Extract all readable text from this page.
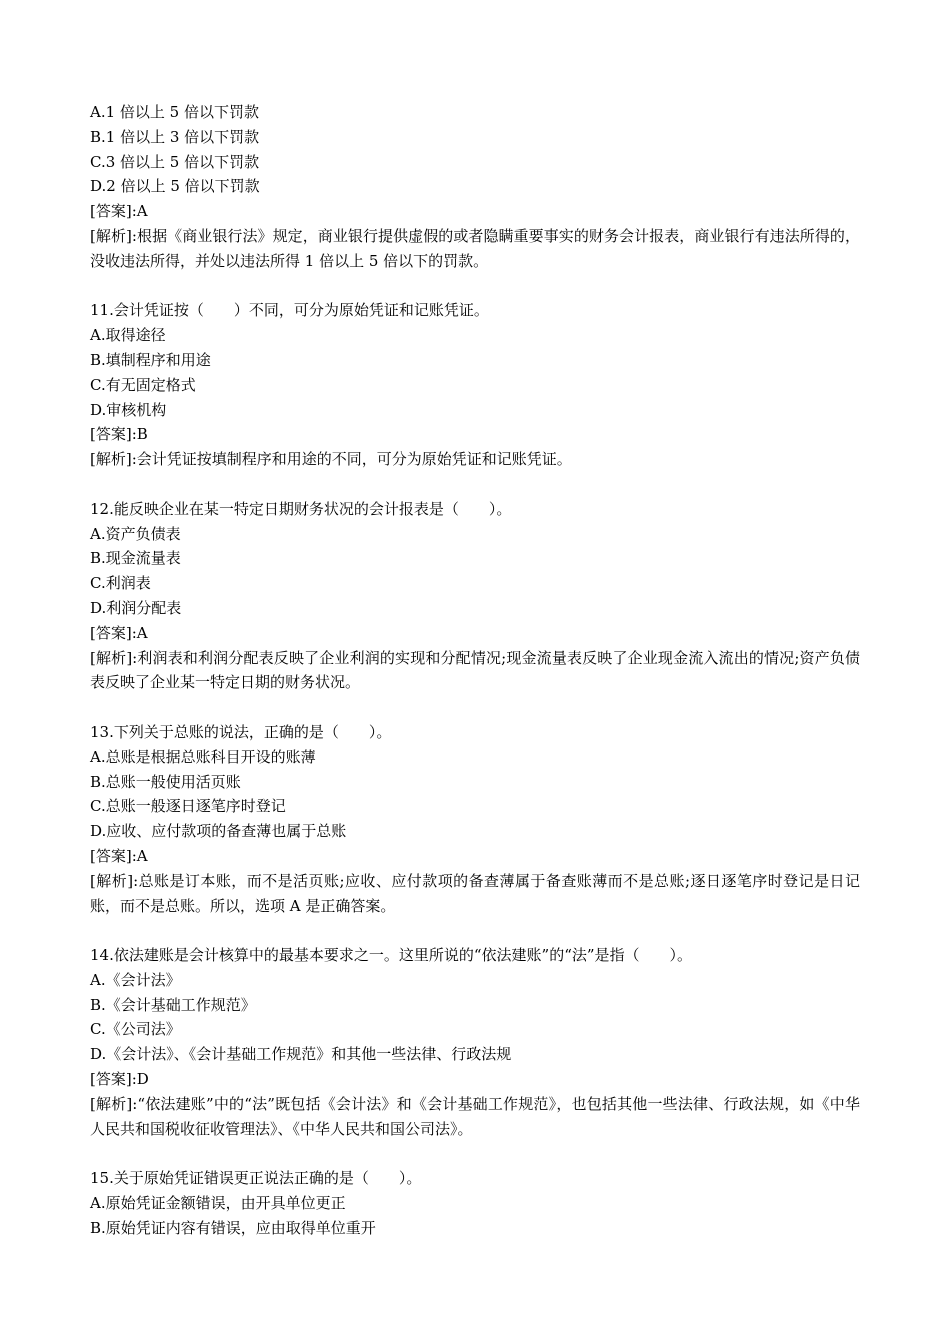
A.1 倍以上 5 倍以下罚款

B.1 倍以上 3 倍以下罚款

C.3 倍以上 5 倍以下罚款

D.2 倍以上 5 倍以下罚款

[答案]:A

[解析]:根据《商业银行法》规定，商业银行提供虚假的或者隐瞒重要事实的财务会计报表，商业银行有违法所得的，没收违法所得，并处以违法所得 1 倍以上 5 倍以下的罚款。

11.会计凭证按（　　）不同，可分为原始凭证和记账凭证。

A.取得途径

B.填制程序和用途

C.有无固定格式

D.审核机构

[答案]:B

[解析]:会计凭证按填制程序和用途的不同，可分为原始凭证和记账凭证。

12.能反映企业在某一特定日期财务状况的会计报表是（　　）。

A.资产负债表

B.现金流量表

C.利润表

D.利润分配表

[答案]:A

[解析]:利润表和利润分配表反映了企业利润的实现和分配情况;现金流量表反映了企业现金流入流出的情况;资产负债表反映了企业某一特定日期的财务状况。

13.下列关于总账的说法，正确的是（　　）。

A.总账是根据总账科目开设的账薄

B.总账一般使用活页账

C.总账一般逐日逐笔序时登记

D.应收、应付款项的备查薄也属于总账

[答案]:A

[解析]:总账是订本账，而不是活页账;应收、应付款项的备查薄属于备查账薄而不是总账;逐日逐笔序时登记是日记账，而不是总账。所以，选项 A 是正确答案。

14.依法建账是会计核算中的最基本要求之一。这里所说的“依法建账”的“法”是指（　　）。

A.《会计法》

B.《会计基础工作规范》

C.《公司法》

D.《会计法》、《会计基础工作规范》和其他一些法律、行政法规

[答案]:D

[解析]:“依法建账”中的“法”既包括《会计法》和《会计基础工作规范》，也包括其他一些法律、行政法规，如《中华人民共和国税收征收管理法》、《中华人民共和国公司法》。

15.关于原始凭证错误更正说法正确的是（　　）。

A.原始凭证金额错误，由开具单位更正

B.原始凭证内容有错误，应由取得单位重开
